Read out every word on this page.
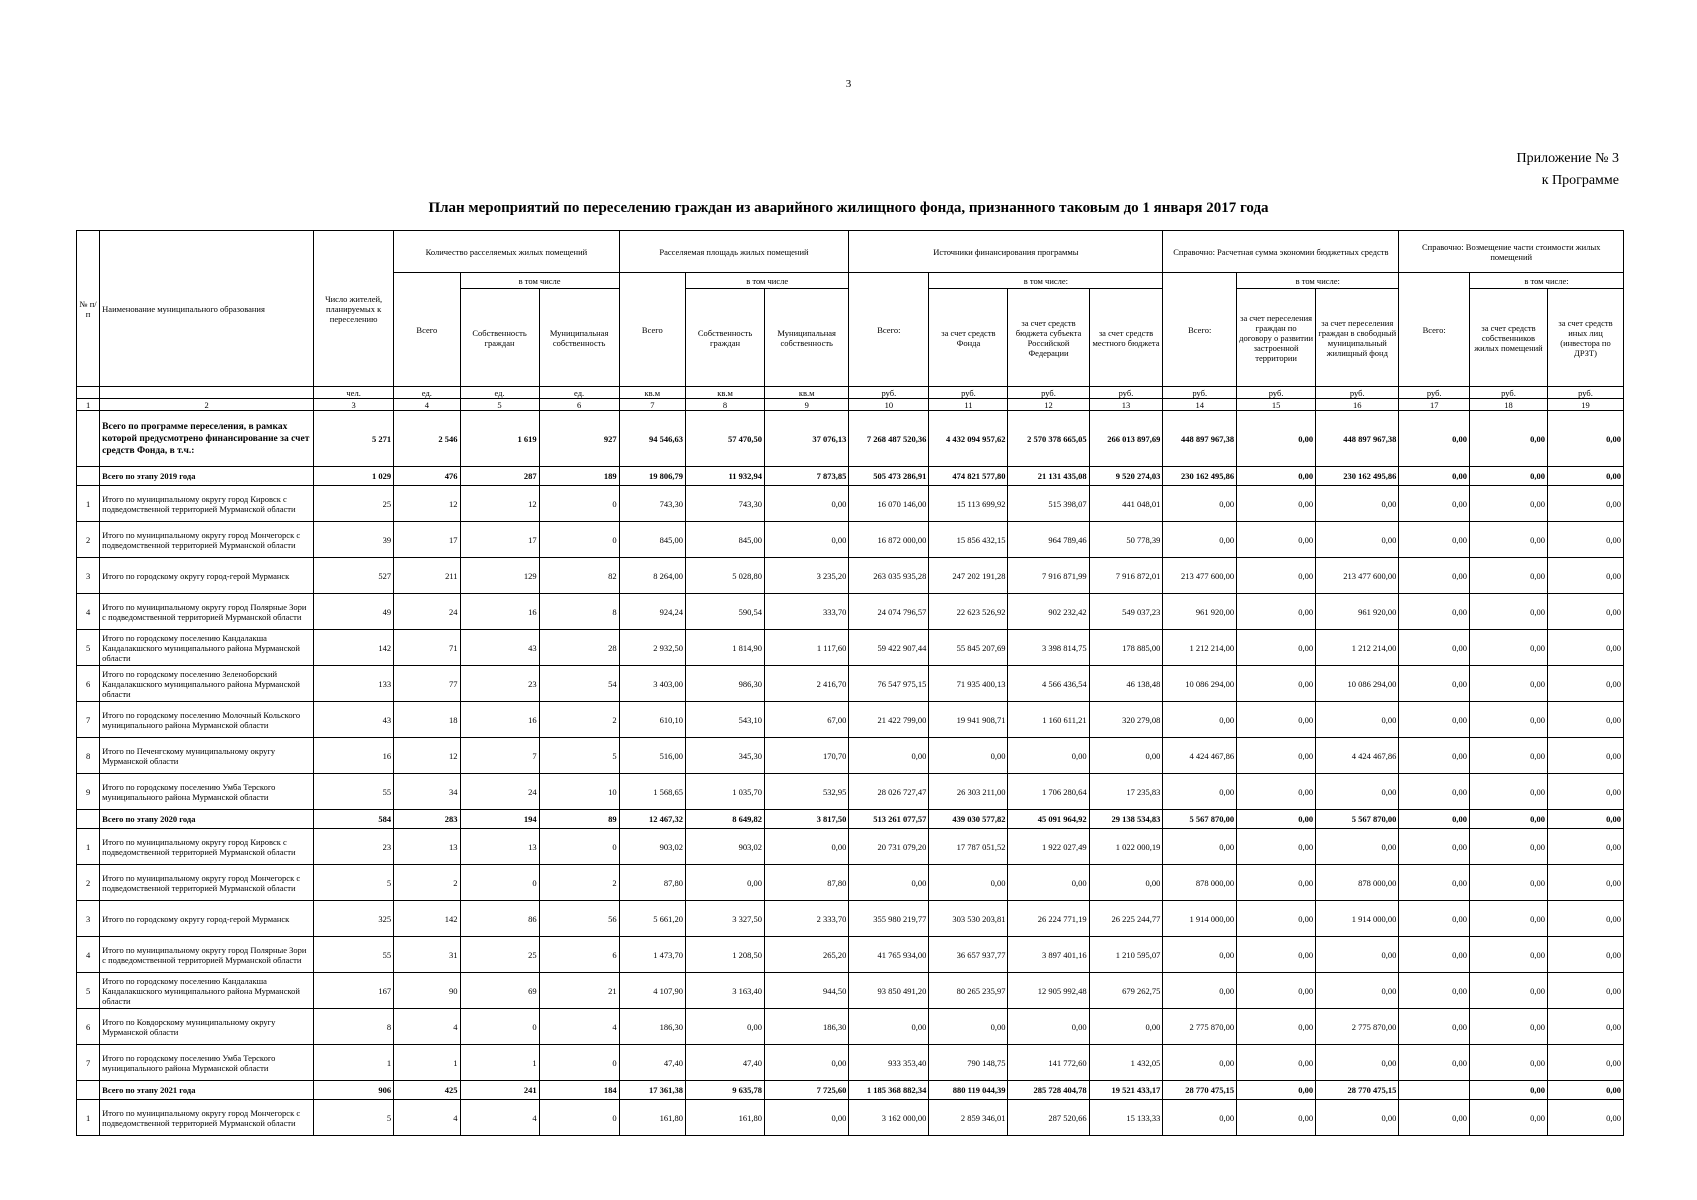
3
Приложение № 3
к Программе
План мероприятий по переселению граждан из аварийного жилищного фонда, признанного таковым до 1 января 2017 года
№ п/п	Наименование муниципального образования	Число жителей, планируемых к переселению	Количество расселяемых жилых помещений			Расселяемая площадь жилых помещений			Источники финансирования программы				Справочно: Расчетная сумма экономии бюджетных средств			Справочно: Возмещение части стоимости жилых помещений		
			Всего	в том числе		Всего	в том числе		Всего:	в том числе:			Всего:	в том числе:		Всего:	в том числе:	
				Собственность граждан	Муниципальная собственность		Собственность граждан	Муниципальная собственность		за счет средств Фонда	за счет средств бюджета субъекта Российской Федерации	за счет средств местного бюджета		за счет переселения граждан по договору о развитии застроенной территории	за счет переселения граждан в свободный муниципальный жилищный фонд		за счет средств собственников жилых помещений	за счет средств иных лиц (инвестора по ДРЗТ)
		чел.	ед.	ед.	ед.	кв.м	кв.м	кв.м	руб.	руб.	руб.	руб.	руб.	руб.	руб.	руб.	руб.	руб.
1	2	3	4	5	6	7	8	9	10	11	12	13	14	15	16	17	18	19
	Всего по программе переселения, в рамках которой предусмотрено финансирование за счет средств Фонда, в т.ч.:	5 271	2 546	1 619	927	94 546,63	57 470,50	37 076,13	7 268 487 520,36	4 432 094 957,62	2 570 378 665,05	266 013 897,69	448 897 967,38	0,00	448 897 967,38	0,00	0,00	0,00
	Всего по этапу 2019 года	1 029	476	287	189	19 806,79	11 932,94	7 873,85	505 473 286,91	474 821 577,80	21 131 435,08	9 520 274,03	230 162 495,86	0,00	230 162 495,86	0,00	0,00	0,00
1	Итого по муниципальному округу город Кировск с подведомственной территорией Мурманской области	25	12	12	0	743,30	743,30	0,00	16 070 146,00	15 113 699,92	515 398,07	441 048,01	0,00	0,00	0,00	0,00	0,00	0,00
2	Итого по муниципальному округу город Мончегорск с подведомственной территорией Мурманской области	39	17	17	0	845,00	845,00	0,00	16 872 000,00	15 856 432,15	964 789,46	50 778,39	0,00	0,00	0,00	0,00	0,00	0,00
3	Итого по городскому округу город-герой Мурманск	527	211	129	82	8 264,00	5 028,80	3 235,20	263 035 935,28	247 202 191,28	7 916 871,99	7 916 872,01	213 477 600,00	0,00	213 477 600,00	0,00	0,00	0,00
4	Итого по муниципальному округу город Полярные Зори с подведомственной территорией Мурманской области	49	24	16	8	924,24	590,54	333,70	24 074 796,57	22 623 526,92	902 232,42	549 037,23	961 920,00	0,00	961 920,00	0,00	0,00	0,00
5	Итого по городскому поселению Кандалакша Кандалакшского муниципального района Мурманской области	142	71	43	28	2 932,50	1 814,90	1 117,60	59 422 907,44	55 845 207,69	3 398 814,75	178 885,00	1 212 214,00	0,00	1 212 214,00	0,00	0,00	0,00
6	Итого по городскому поселению Зеленоборский Кандалакшского муниципального района Мурманской области	133	77	23	54	3 403,00	986,30	2 416,70	76 547 975,15	71 935 400,13	4 566 436,54	46 138,48	10 086 294,00	0,00	10 086 294,00	0,00	0,00	0,00
7	Итого по городскому поселению Молочный Кольского муниципального района Мурманской области	43	18	16	2	610,10	543,10	67,00	21 422 799,00	19 941 908,71	1 160 611,21	320 279,08	0,00	0,00	0,00	0,00	0,00	0,00
8	Итого по Печенгскому муниципальному округу Мурманской области	16	12	7	5	516,00	345,30	170,70	0,00	0,00	0,00	0,00	4 424 467,86	0,00	4 424 467,86	0,00	0,00	0,00
9	Итого по городскому поселению Умба Терского муниципального района Мурманской области	55	34	24	10	1 568,65	1 035,70	532,95	28 026 727,47	26 303 211,00	1 706 280,64	17 235,83	0,00	0,00	0,00	0,00	0,00	0,00
	Всего по этапу 2020 года	584	283	194	89	12 467,32	8 649,82	3 817,50	513 261 077,57	439 030 577,82	45 091 964,92	29 138 534,83	5 567 870,00	0,00	5 567 870,00	0,00	0,00	0,00
1	Итого по муниципальному округу город Кировск с подведомственной территорией Мурманской области	23	13	13	0	903,02	903,02	0,00	20 731 079,20	17 787 051,52	1 922 027,49	1 022 000,19	0,00	0,00	0,00	0,00	0,00	0,00
2	Итого по муниципальному округу город Мончегорск с подведомственной территорией Мурманской области	5	2	0	2	87,80	0,00	87,80	0,00	0,00	0,00	0,00	878 000,00	0,00	878 000,00	0,00	0,00	0,00
3	Итого по городскому округу город-герой Мурманск	325	142	86	56	5 661,20	3 327,50	2 333,70	355 980 219,77	303 530 203,81	26 224 771,19	26 225 244,77	1 914 000,00	0,00	1 914 000,00	0,00	0,00	0,00
4	Итого по муниципальному округу город Полярные Зори с подведомственной территорией Мурманской области	55	31	25	6	1 473,70	1 208,50	265,20	41 765 934,00	36 657 937,77	3 897 401,16	1 210 595,07	0,00	0,00	0,00	0,00	0,00	0,00
5	Итого по городскому поселению Кандалакша Кандалакшского муниципального района Мурманской области	167	90	69	21	4 107,90	3 163,40	944,50	93 850 491,20	80 265 235,97	12 905 992,48	679 262,75	0,00	0,00	0,00	0,00	0,00	0,00
6	Итого по Ковдорскому муниципальному округу Мурманской области	8	4	0	4	186,30	0,00	186,30	0,00	0,00	0,00	0,00	2 775 870,00	0,00	2 775 870,00	0,00	0,00	0,00
7	Итого по городскому поселению Умба Терского муниципального района Мурманской области	1	1	1	0	47,40	47,40	0,00	933 353,40	790 148,75	141 772,60	1 432,05	0,00	0,00	0,00	0,00	0,00	0,00
	Всего по этапу 2021 года	906	425	241	184	17 361,38	9 635,78	7 725,60	1 185 368 882,34	880 119 044,39	285 728 404,78	19 521 433,17	28 770 475,15	0,00	28 770 475,15		0,00	0,00
1	Итого по муниципальному округу город Мончегорск с подведомственной территорией Мурманской области	5	4	4	0	161,80	161,80	0,00	3 162 000,00	2 859 346,01	287 520,66	15 133,33	0,00	0,00	0,00	0,00	0,00	0,00
